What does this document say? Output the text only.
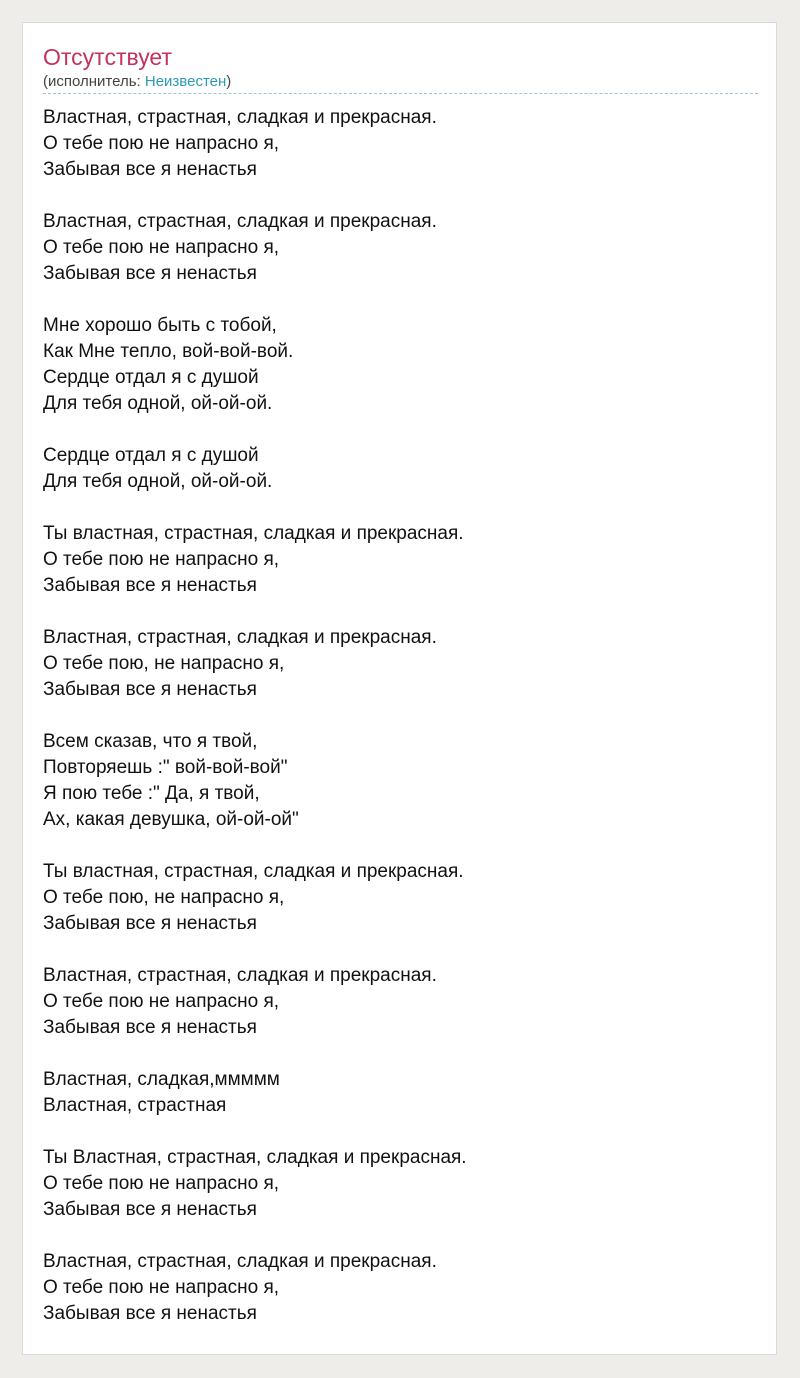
Отсутствует
(исполнитель: Неизвестен)
Властная, страстная, сладкая и прекрасная.
О тебе пою не напрасно я,
Забывая все я ненастья
Властная, страстная, сладкая и прекрасная.
О тебе пою не напрасно я,
Забывая все я ненастья
Мне хорошо быть с тобой,
Как Мне тепло, вой-вой-вой.
Сердце отдал я с душой
Для тебя одной, ой-ой-ой.
Сердце отдал я с душой
Для тебя одной, ой-ой-ой.
Ты властная, страстная, сладкая и прекрасная.
О тебе пою не напрасно я,
Забывая все я ненастья
Властная, страстная, сладкая и прекрасная.
О тебе пою, не напрасно я,
Забывая все я ненастья
Всем сказав, что я твой,
Повторяешь :" вой-вой-вой"
Я пою тебе :" Да, я твой,
Ах, какая девушка, ой-ой-ой"
Ты властная, страстная, сладкая и прекрасная.
О тебе пою, не напрасно я,
Забывая все я ненастья
Властная, страстная, сладкая и прекрасная.
О тебе пою не напрасно я,
Забывая все я ненастья
Властная, сладкая,ммммм
Властная, страстная
Ты Властная, страстная, сладкая и прекрасная.
О тебе пою не напрасно я,
Забывая все я ненастья
Властная, страстная, сладкая и прекрасная.
О тебе пою не напрасно я,
Забывая все я ненастья
